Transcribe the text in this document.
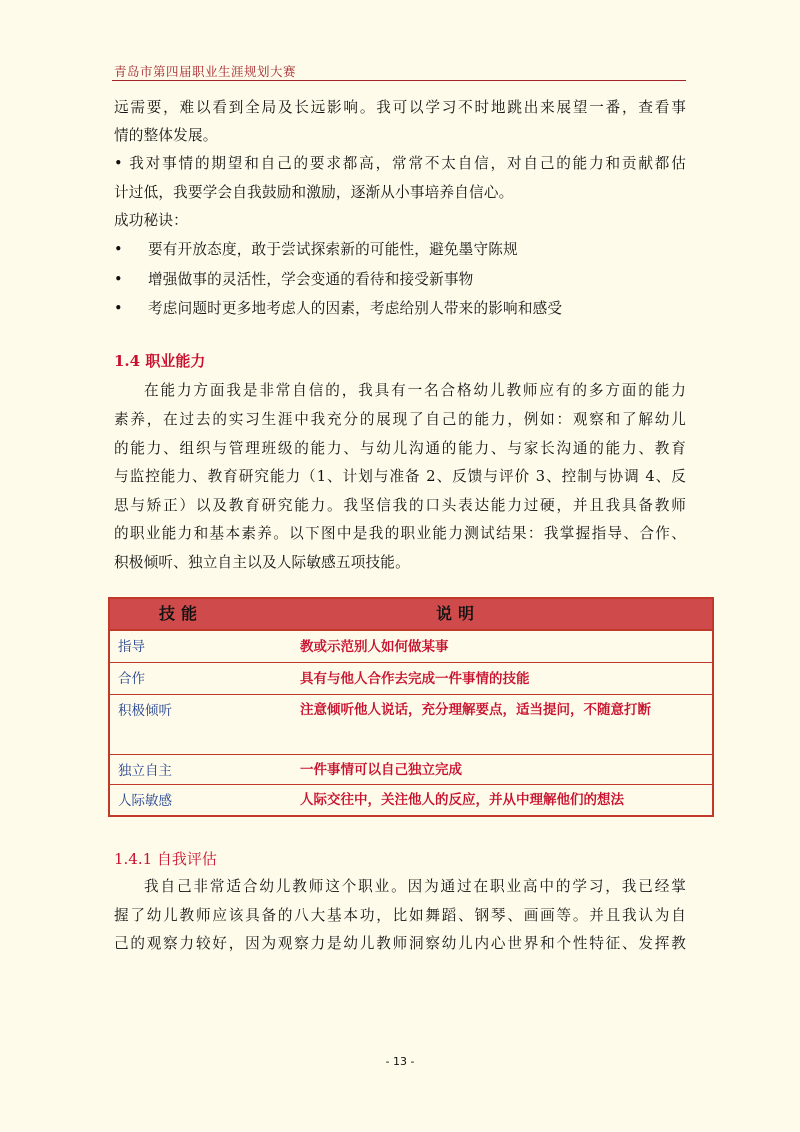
青岛市第四届职业生涯规划大赛
远需要，难以看到全局及长远影响。我可以学习不时地跳出来展望一番，查看事
情的整体发展。
• 我对事情的期望和自己的要求都高，常常不太自信，对自己的能力和贡献都估
计过低，我要学会自我鼓励和激励，逐渐从小事培养自信心。
成功秘诀：
• 要有开放态度，敢于尝试探索新的可能性，避免墨守陈规
• 增强做事的灵活性，学会变通的看待和接受新事物
• 考虑问题时更多地考虑人的因素，考虑给别人带来的影响和感受
1.4 职业能力
在能力方面我是非常自信的，我具有一名合格幼儿教师应有的多方面的能力
素养，在过去的实习生涯中我充分的展现了自己的能力，例如：观察和了解幼儿
的能力、组织与管理班级的能力、与幼儿沟通的能力、与家长沟通的能力、教育
与监控能力、教育研究能力（1、计划与准备 2、反馈与评价 3、控制与协调 4、反
思与矫正）以及教育研究能力。我坚信我的口头表达能力过硬，并且我具备教师
的职业能力和基本素养。以下图中是我的职业能力测试结果：我掌握指导、合作、
积极倾听、独立自主以及人际敏感五项技能。
技能	说明
指导	教或示范别人如何做某事
合作	具有与他人合作去完成一件事情的技能
积极倾听	注意倾听他人说话，充分理解要点，适当提问，不随意打断
独立自主	一件事情可以自己独立完成
人际敏感	人际交往中，关注他人的反应，并从中理解他们的想法
1.4.1 自我评估
我自己非常适合幼儿教师这个职业。因为通过在职业高中的学习，我已经掌
握了幼儿教师应该具备的八大基本功，比如舞蹈、钢琴、画画等。并且我认为自
己的观察力较好，因为观察力是幼儿教师洞察幼儿内心世界和个性特征、发挥教
- 13 -
